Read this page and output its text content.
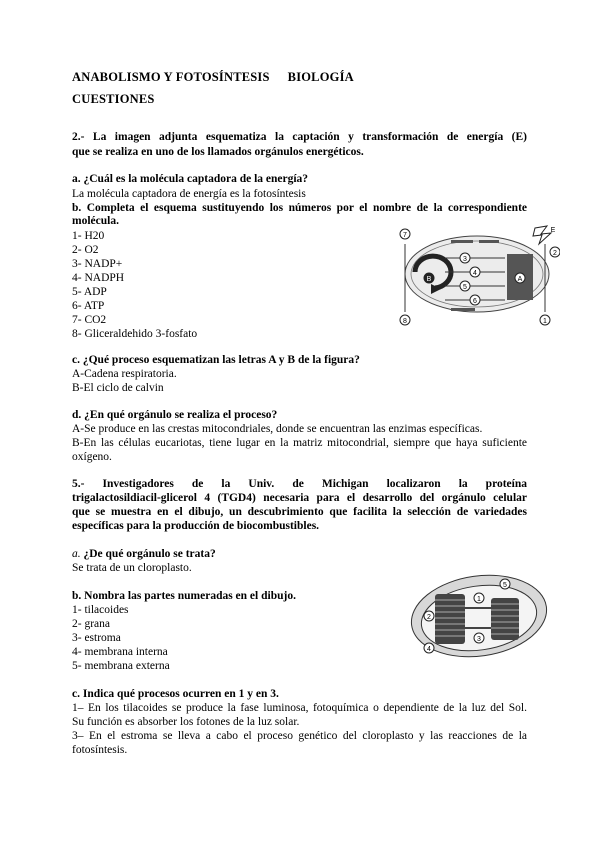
ANABOLISMO Y FOTOSÍNTESIS BIOLOGÍA
CUESTIONES
2.- La imagen adjunta esquematiza la captación y transformación de energía (E)
que se realiza en uno de los llamados orgánulos energéticos.
a. ¿Cuál es la molécula captadora de la energía?
La molécula captadora de energía es la fotosíntesis
b. Completa el esquema sustituyendo los números por el nombre de la correspondiente
molécula.
1- H20
2- O2
3- NADP+
4- NADPH
5- ADP
6- ATP
7- CO2
8- Gliceraldehido 3-fosfato
7
E
3
4
5
6
1
2
8
A
B
c. ¿Qué proceso esquematizan las letras A y B de la figura?
A-Cadena respiratoria.
B-El ciclo de calvin
d. ¿En qué orgánulo se realiza el proceso?
A-Se produce en las crestas mitocondriales, donde se encuentran las enzimas específicas.
B-En las células eucariotas, tiene lugar en la matriz mitocondrial, siempre que haya suficiente
oxígeno.
5.- Investigadores de la Univ. de Michigan localizaron la proteína
trigalactosildiacil-glicerol 4 (TGD4) necesaria para el desarrollo del orgánulo celular
que se muestra en el dibujo, un descubrimiento que facilita la selección de variedades
específicas para la producción de biocombustibles.
a. ¿De qué orgánulo se trata?
Se trata de un cloroplasto.
b. Nombra las partes numeradas en el dibujo.
1- tilacoides
2- grana
3- estroma
4- membrana interna
5- membrana externa
1
2
3
4
5
c. Indica qué procesos ocurren en 1 y en 3.
1– En los tilacoides se produce la fase luminosa, fotoquímica o dependiente de la luz del Sol.
Su función es absorber los fotones de la luz solar.
3– En el estroma se lleva a cabo el proceso genético del cloroplasto y las reacciones de la
fotosíntesis.
